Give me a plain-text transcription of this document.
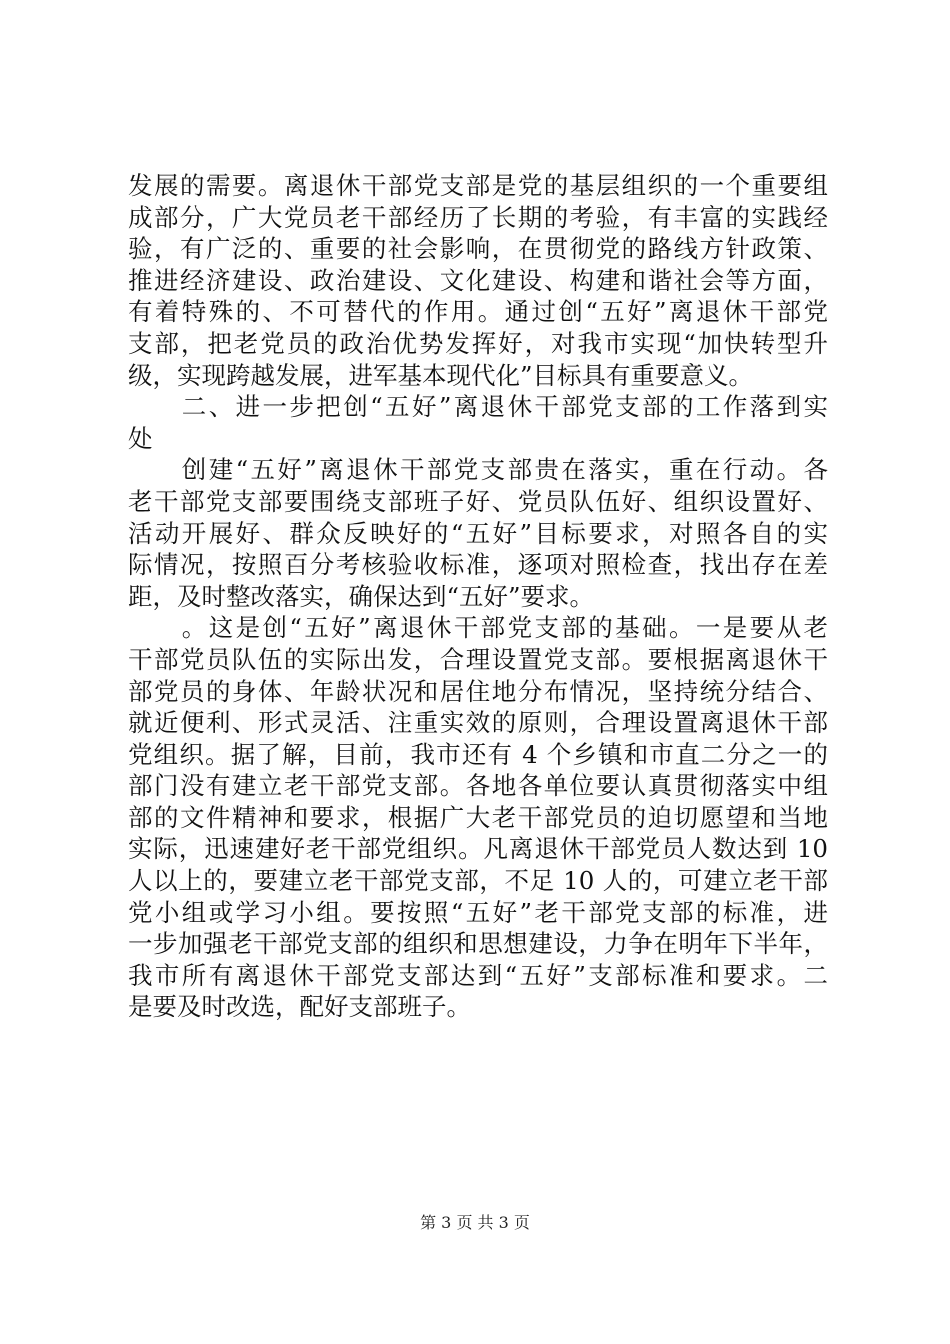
发展的需要。离退休干部党支部是党的基层组织的一个重要组
成部分，广大党员老干部经历了长期的考验，有丰富的实践经
验，有广泛的、重要的社会影响，在贯彻党的路线方针政策、
推进经济建设、政治建设、文化建设、构建和谐社会等方面，
有着特殊的、不可替代的作用。通过创“五好”离退休干部党
支部，把老党员的政治优势发挥好，对我市实现“加快转型升
级，实现跨越发展，进军基本现代化”目标具有重要意义。
　　二、进一步把创“五好”离退休干部党支部的工作落到实
处
　　创建“五好”离退休干部党支部贵在落实，重在行动。各
老干部党支部要围绕支部班子好、党员队伍好、组织设置好、
活动开展好、群众反映好的“五好”目标要求，对照各自的实
际情况，按照百分考核验收标准，逐项对照检查，找出存在差
距，及时整改落实，确保达到“五好”要求。
　　。这是创“五好”离退休干部党支部的基础。一是要从老
干部党员队伍的实际出发，合理设置党支部。要根据离退休干
部党员的身体、年龄状况和居住地分布情况，坚持统分结合、
就近便利、形式灵活、注重实效的原则，合理设置离退休干部
党组织。据了解，目前，我市还有 4 个乡镇和市直二分之一的
部门没有建立老干部党支部。各地各单位要认真贯彻落实中组
部的文件精神和要求，根据广大老干部党员的迫切愿望和当地
实际，迅速建好老干部党组织。凡离退休干部党员人数达到 10
人以上的，要建立老干部党支部，不足 10 人的，可建立老干部
党小组或学习小组。要按照“五好”老干部党支部的标准，进
一步加强老干部党支部的组织和思想建设，力争在明年下半年，
我市所有离退休干部党支部达到“五好”支部标准和要求。二
是要及时改选，配好支部班子。
第 3 页 共 3 页
